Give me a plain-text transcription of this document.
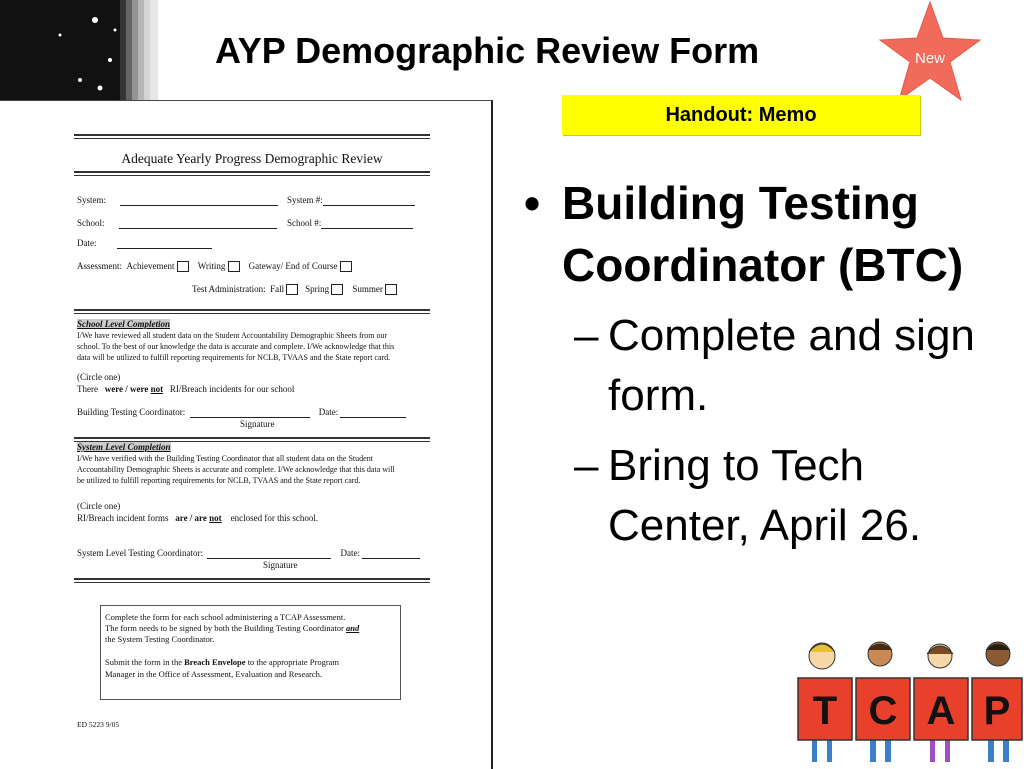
AYP Demographic Review Form	New
Handout: Memo
• Building Testing Coordinator (BTC)
– Complete and sign form.
– Bring to Tech Center, April 26.
Adequate Yearly Progress Demographic Review
System:	System #:
School:	School #:
Date:
Assessment: Achievement	Writing	Gateway/ End of Course
Test Administration: Fall Spring	Summer
School Level Completion
I/We have reviewed all student data on the Student Accountability Demographic Sheets from our
school. To the best of our knowledge the data is accurate and complete. I/We acknowledge that this
data will be utilized to fulfill reporting requirements for NCLB, TVAAS and the State report card.
(Circle one)
There were / were not RI/Breach incidents for our school
Building Testing Coordinator:	Date:
Signature
System Level Completion
I/We have verified with the Building Testing Coordinator that all student data on the Student
Accountability Demographic Sheets is accurate and complete. I/We acknowledge that this data will
be utilized to fulfill reporting requirements for NCLB, TVAAS and the State report card.
(Circle one)
RI/Breach incident forms are / are not enclosed for this school.
System Level Testing Coordinator:	Date:
Signature
Complete the form for each school administering a TCAP Assessment.
The form needs to be signed by both the Building Testing Coordinator and
the System Testing Coordinator.
Submit the form in the Breach Envelope to the appropriate Program
Manager in the Office of Assessment, Evaluation and Research.
ED 5223 9/05	T C A P
